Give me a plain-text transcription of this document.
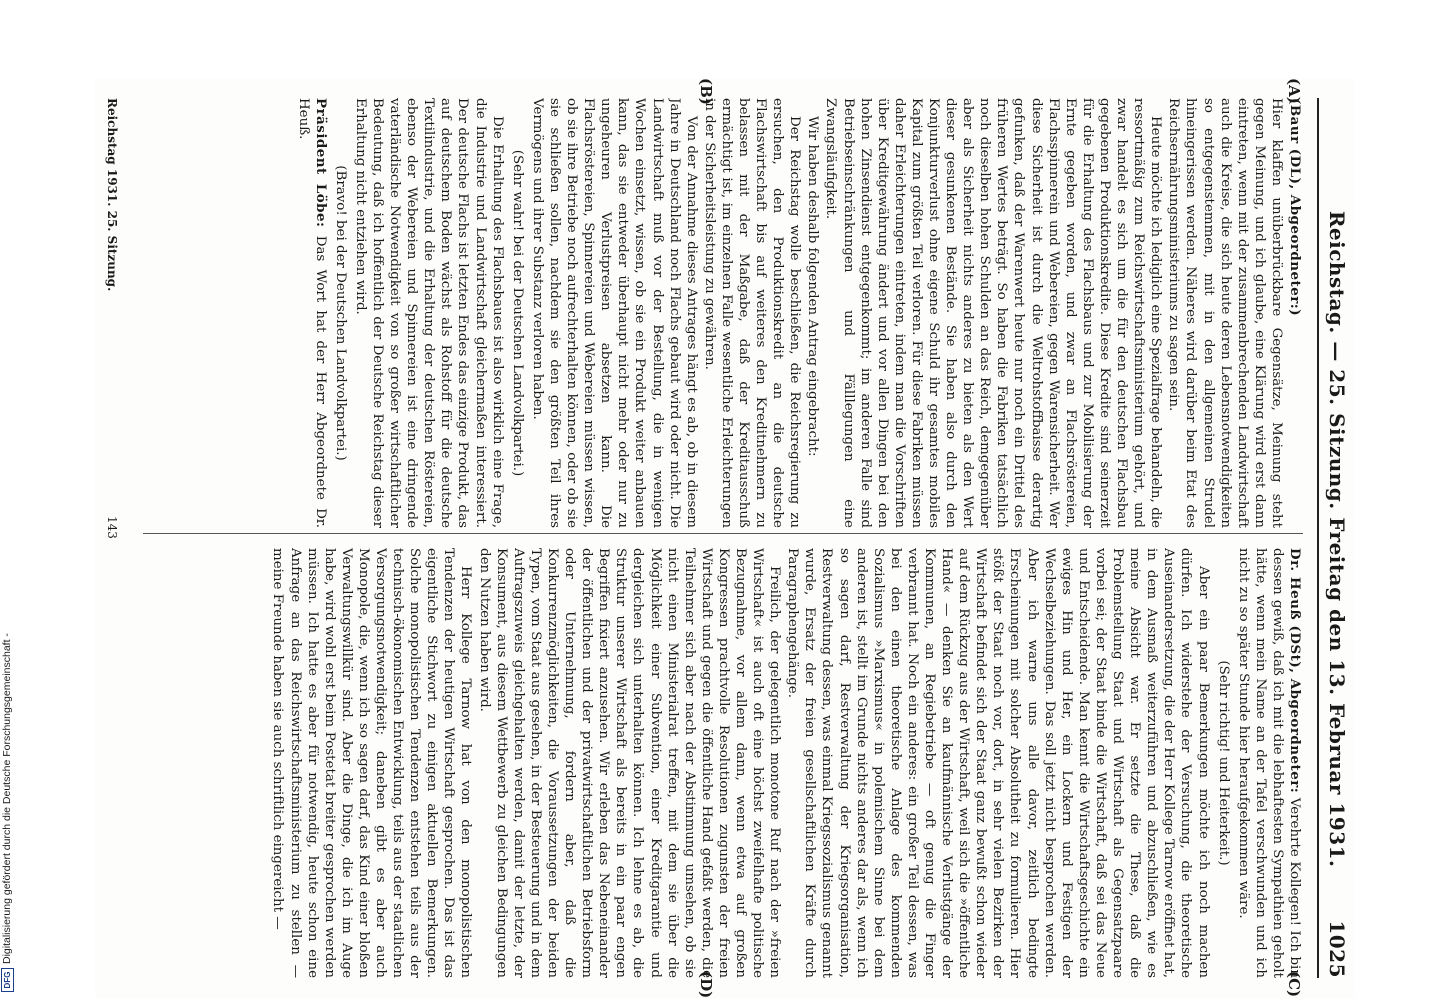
Reichstag. — 25. Sitzung. Freitag den 13. Februar 1931.
1025
(A)
(B)
(C)
(D)

(Baur (DL), Abgeordneter:)

Hier klaffen unüberbrückbare Gegensätze, Meinung steht gegen Meinung, und ich glaube, eine Klärung wird erst dann eintreten, wenn mit der zusammenbrechenden Landwirtschaft auch die Kreise, die sich heute deren Lebensnotwendigkeiten so entgegenstemmen, mit in den allgemeinen Strudel hineingerissen werden. Näheres wird darüber beim Etat des Reichsernährungsministeriums zu sagen sein.

Heute möchte ich lediglich eine Spezialfrage behandeln, die ressortmäßig zum Reichswirtschaftsministerium gehört, und zwar handelt es sich um die für den deutschen Flachsbau gegebenen Produktionskredite. Diese Kredite sind seinerzeit für die Erhaltung des Flachsbaus und zur Mobilisierung der Ernte gegeben worden, und zwar an Flachsröstereien, Flachsspinnerein und Webereien, gegen Warensicherheit. Wer diese Sicherheit ist durch die Weltrohstoffbaisse derartig gefunken, daß der Warenwert heute nur noch ein Drittel des früheren Wertes beträgt. So haben die Fabriken tatsächlich noch dieselben hohen Schulden an das Reich, demgegenüber aber als Sicherheit nichts anderes zu bieten als den Wert dieser gesunkenen Bestände. Sie haben also durch den Konjunkturverlust ohne eigene Schuld ihr gesamtes mobiles Kapital zum größten Teil verloren. Für diese Fabriken müssen daher Erleichterungen eintreten, indem man die Vorschriften über Kreditgewährung ändert und vor allen Dingen bei den hohen Zinsendienst entgegenkommt; im anderen Falle sind Betriebseinschränkungen und Fälllegungen eine Zwangsläufigkeit.

Wir haben deshalb folgenden Antrag eingebracht:

Der Reichstag wolle beschließen, die Reichsregierung zu ersuchen, den Produktionskredit an die deutsche Flachswirtschaft bis auf weiteres den Kreditnehmern zu belassen mit der Maßgabe, daß der Kreditausschuß ermächtigt ist, im einzelnen Falle wesentliche Erleichterungen in der Sicherheitsleistung zu gewähren.

Von der Annahme dieses Antrages hängt es ab, ob in diesem Jahre in Deutschland noch Flachs gebaut wird oder nicht. Die Landwirtschaft muß vor der Bestellung, die in wenigen Wochen einsetzt, wissen, ob sie ein Produkt weiter anbauen kann, das sie entweder überhaupt nicht mehr oder nur zu ungeheuren Verlustpreisen absetzen kann. Die Flachsröstereien, Spinnereien und Webereien müssen wissen, ob sie ihre Betriebe noch aufrechterhalten können, oder ob sie sie schließen sollen, nachdem sie den größten Teil ihres Vermögens und ihrer Substanz verloren haben.

(Sehr wahr! bei der Deutschen Landvolkpartei.)

Die Erhaltung des Flachsbaues ist also wirklich eine Frage, die Industrie und Landwirtschaft gleichermaßen interessiert. Der deutsche Flachs ist letzten Endes das einzige Produkt, das auf deutschem Boden wächst als Rohstoff für die deutsche Textilindustrie, und die Erhaltung der deutschen Röstereien, ebenso der Webereien und Spinnereien ist eine dringende vaterländische Notwendigkeit von so großer wirtschaftlicher Bedeutung, daß ich hoffentlich der Deutsche Reichstag dieser Erhaltung nicht entziehen wird.

(Bravo! bei der Deutschen Landvolkpartei.)

Präsident Löbe: Das Wort hat der Herr Abgeordnete Dr. Heuß.

Dr. Heuß (DSt), Abgeordneter: Verehrte Kollegen! Ich bin dessen gewiß, daß ich mit die lebhaftesten Sympathien geholt hätte, wenn mein Name an der Tafel verschwunden und ich nicht zu so später Stunde hier heraufgekommen wäre.

(Sehr richtig! und Heiterkeit.)

Aber ein paar Bemerkungen möchte ich noch machen dürfen. Ich widerstehe der Versuchung, die theoretische Auseinandersetzung, die der Herr Kollege Tarnow eröffnet hat, in dem Ausmaß weiterzuführen und abzuschließen, wie es meine Absicht war. Er setzte die These, daß die Problemstellung Staat und Wirtschaft als Gegensatzpaare vorbei sei; der Staat binde die Wirtschaft, daß sei das Neue und Entscheidende. Man kennt die Wirtschaftsgeschichte ein ewiges Hin und Her, ein Lockern und Festigen der Wechselbeziehungen. Das soll jetzt nicht besprochen werden. Aber ich warne uns alle davor, zeitlich bedingte Erscheinungen mit solcher Absolutheit zu formulieren. Hier stößt der Staat noch vor, dort, in sehr vielen Bezirken der Wirtschaft befindet sich der Staat ganz bewußt schon wieder auf dem Rückzug aus der Wirtschaft, weil sich die »öffentliche Hand« — denken Sie an kaufmännische Verlustgänge der Kommunen, an Regiebetriebe — oft genug die Finger verbrannt hat. Noch ein anderes: ein großer Teil dessen, was bei den einen theoretische Anlage des kommenden Sozialismus »Marxismus« in polemischem Sinne bei dem anderen ist, stellt im Grunde nichts anderes dar als, wenn ich so sagen darf, Restverwaltung der Kriegsorganisation, Restverwaltung dessen, was einmal Kriegssozialismus genannt wurde, Ersatz der freien gesellschaftlichen Kräfte durch Paragraphengehänge.

Freilich, der gelegentlich monotone Ruf nach der »freien Wirtschaft« ist auch oft eine höchst zweifelhafte politische Bezugnahme, vor allem dann, wenn etwa auf großen Kongressen prachtvolle Resolutionen zugunsten der freien Wirtschaft und gegen die öffentliche Hand gefaßt werden, die Teilnehmer sich aber nach der Abstimmung umsehen, ob sie nicht einen Ministerialrat treffen, mit dem sie über die Möglichkeit einer Subvention, einer Kreditgarantie und dergleichen sich unterhalten können. Ich lehne es ab, die Struktur unserer Wirtschaft als bereits in ein paar engen Begriffen fixiert anzusehen. Wir erleben das Nebeneinander der öffentlichen und der privatwirtschaftlichen Betriebsform oder Unternehmung, fordern aber, daß die Konkurrenzmöglichkeiten, die Voraussetzungen der beiden Typen, vom Staat aus gesehen, in der Besteuerung und in dem Auftragszuweis gleichgehalten werden, damit der letzte, der Konsument, aus diesem Wettbewerb zu gleichen Bedingungen den Nutzen haben wird.

Herr Kollege Tarnow hat von den monopolistischen Tendenzen der heutigen Wirtschaft gesprochen. Das ist das eigentliche Stichwort zu einigen aktuellen Bemerkungen. Solche monopolistischen Tendenzen entstehen teils aus der technisch-ökonomischen Entwicklung, teils aus der staatlichen Versorgungsnotwendigkeit; daneben gibt es aber auch Monopole, die, wenn ich so sagen darf, das Kind einer bloßen Verwaltungswillkür sind. Aber die Dinge, die ich im Auge habe, wird wohl erst beim Postetat breiter gesprochen werden müssen. Ich hatte es aber für notwendig, heute schon eine Anfrage an das Reichswirtschaftsministerium zu stellen — meine Freunde haben sie auch schriftlich eingereicht —

Reichstag 1931. 25. Sitzung.
143
DFG
Digitalisierung gefördert durch die Deutsche Forschungsgemeinschaft -
